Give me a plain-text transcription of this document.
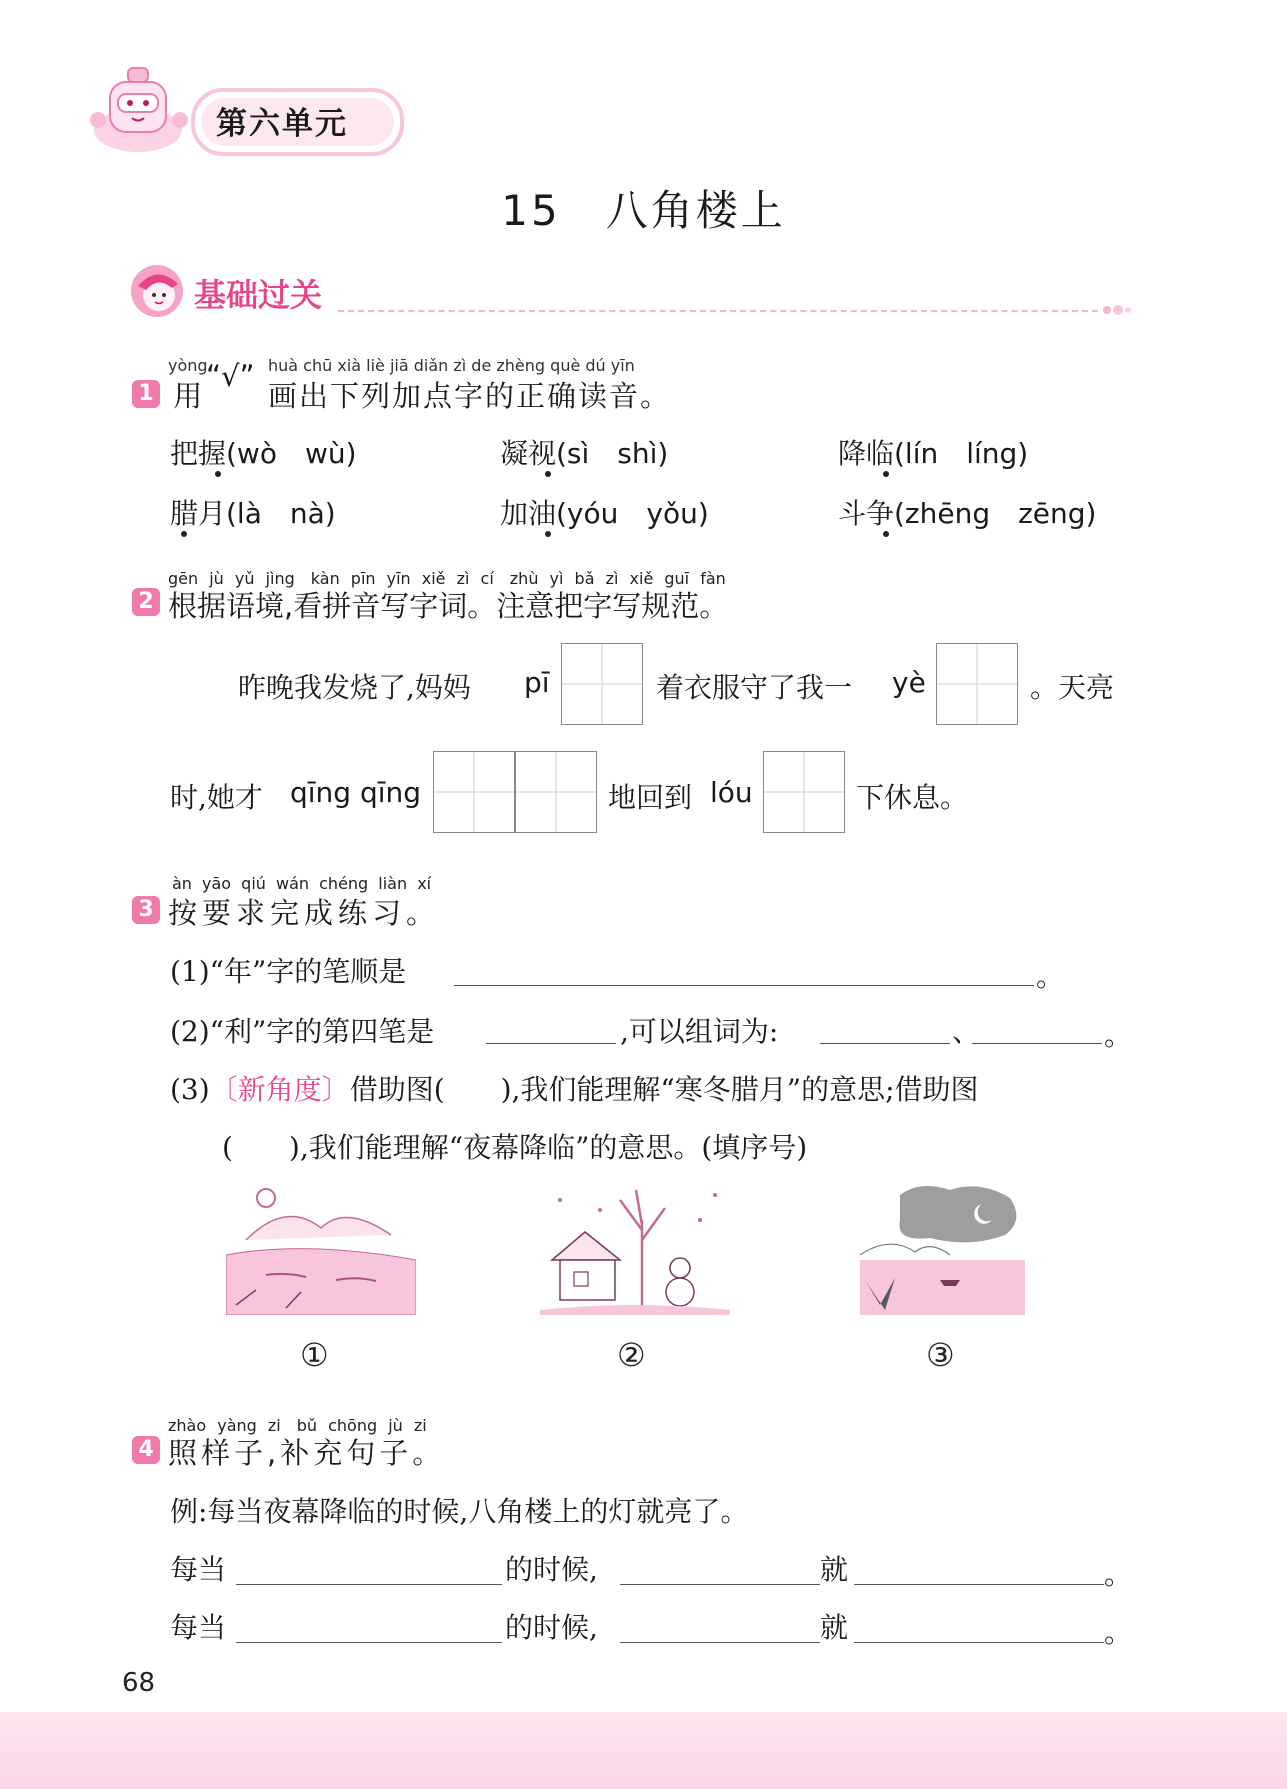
第六单元
15　八角楼上
基础过关
1
yòng
用
“√” huà chū xià liè jiā diǎn zì de zhèng què dú yīn
画出下列加点字的正确读音。
把握(wò　wù)	凝视(sì　shì)	降临(lín　líng)
腊月(là　nà)	加油(yóu　yǒu)	斗争(zhēng　zēng)
2
gēn jù yǔ jìng　kàn pīn yīn xiě zì cí　zhù yì bǎ zì xiě guī fàn
根据语境,看拼音写字词。注意把字写规范。
昨晚我发烧了,妈妈 pī	着衣服守了我一 yè	。天亮
时,她才 qīng qīng	地回到 lóu	下休息。
3
àn yāo qiú wán chéng liàn xí
按要求完成练习。
(1)“年”字的笔顺是	。
(2)“利”字的第四笔是	,可以组词为:	、	。
(3)〔新角度〕借助图(　　),我们能理解“寒冬腊月”的意思;借助图
(　　),我们能理解“夜幕降临”的意思。(填序号)
①	②	③
4
zhào yàng zi　bǔ chōng jù zi
照样子,补充句子。
例:每当夜幕降临的时候,八角楼上的灯就亮了。
每当	的时候,	就	。
每当	的时候,	就	。
68
